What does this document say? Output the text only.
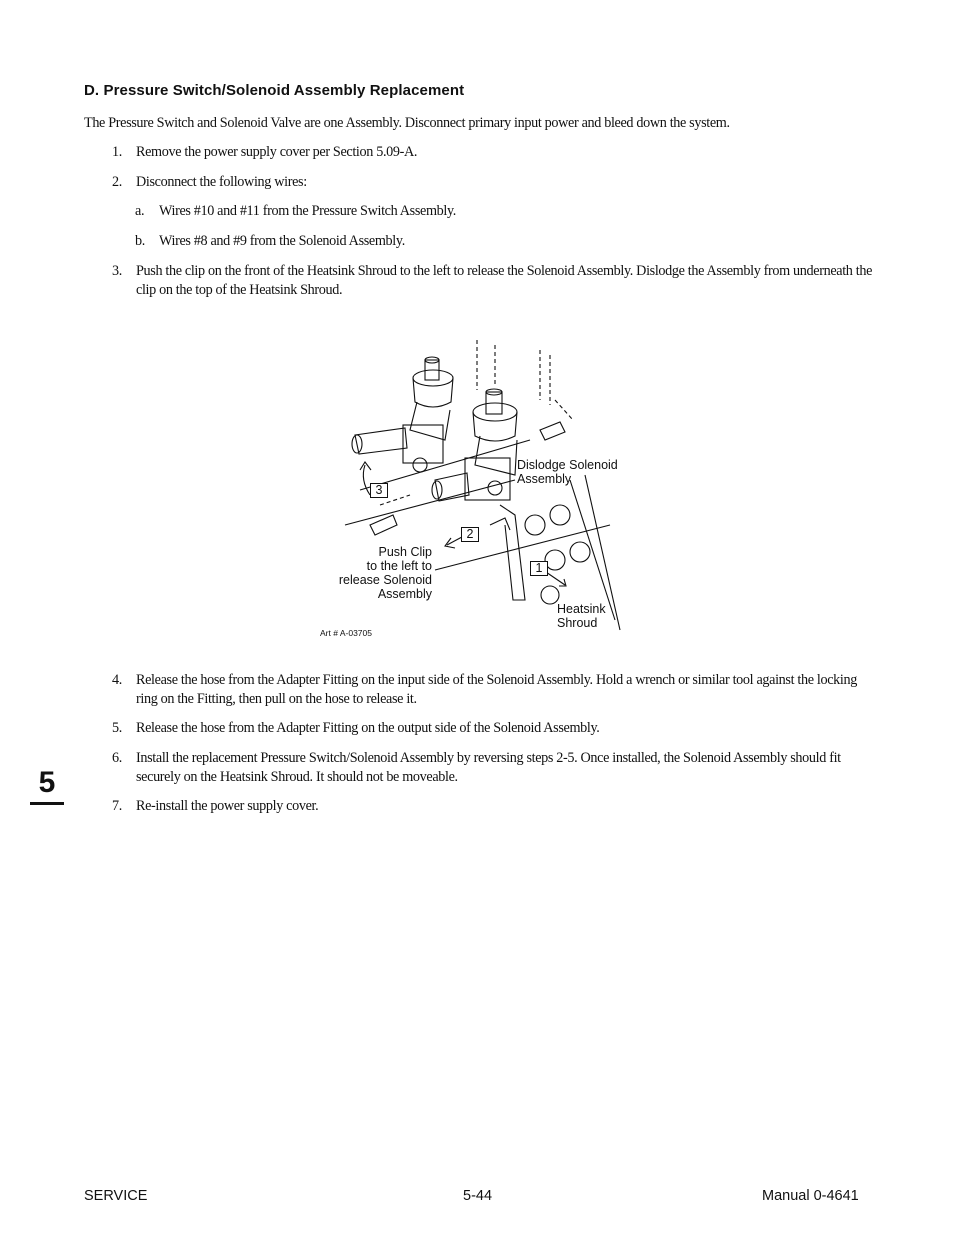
D. Pressure Switch/Solenoid Assembly Replacement
The Pressure Switch and Solenoid Valve are one Assembly. Disconnect primary input power and bleed down the system.
1. Remove the power supply cover per Section 5.09-A.
2. Disconnect the following wires:
a. Wires #10 and #11 from the Pressure Switch Assembly.
b. Wires #8 and #9 from the Solenoid Assembly.
3. Push the clip on the front of the Heatsink Shroud to the left to release the Solenoid Assembly. Dislodge the Assembly from underneath the clip on the top of the Heatsink Shroud.
Dislodge Solenoid
Assembly
Push Clip
to the left to
release Solenoid
Assembly
Heatsink
Shroud
3
2
1
Art # A-03705
4. Release the hose from the Adapter Fitting on the input side of the Solenoid Assembly. Hold a wrench or similar tool against the locking ring on the Fitting, then pull on the hose to release it.
5. Release the hose from the Adapter Fitting on the output side of the Solenoid Assembly.
6. Install the replacement Pressure Switch/Solenoid Assembly by reversing steps 2-5. Once installed, the Solenoid Assembly should fit securely on the Heatsink Shroud. It should not be moveable.
7. Re-install the power supply cover.
5
SERVICE	5-44	Manual 0-4641
